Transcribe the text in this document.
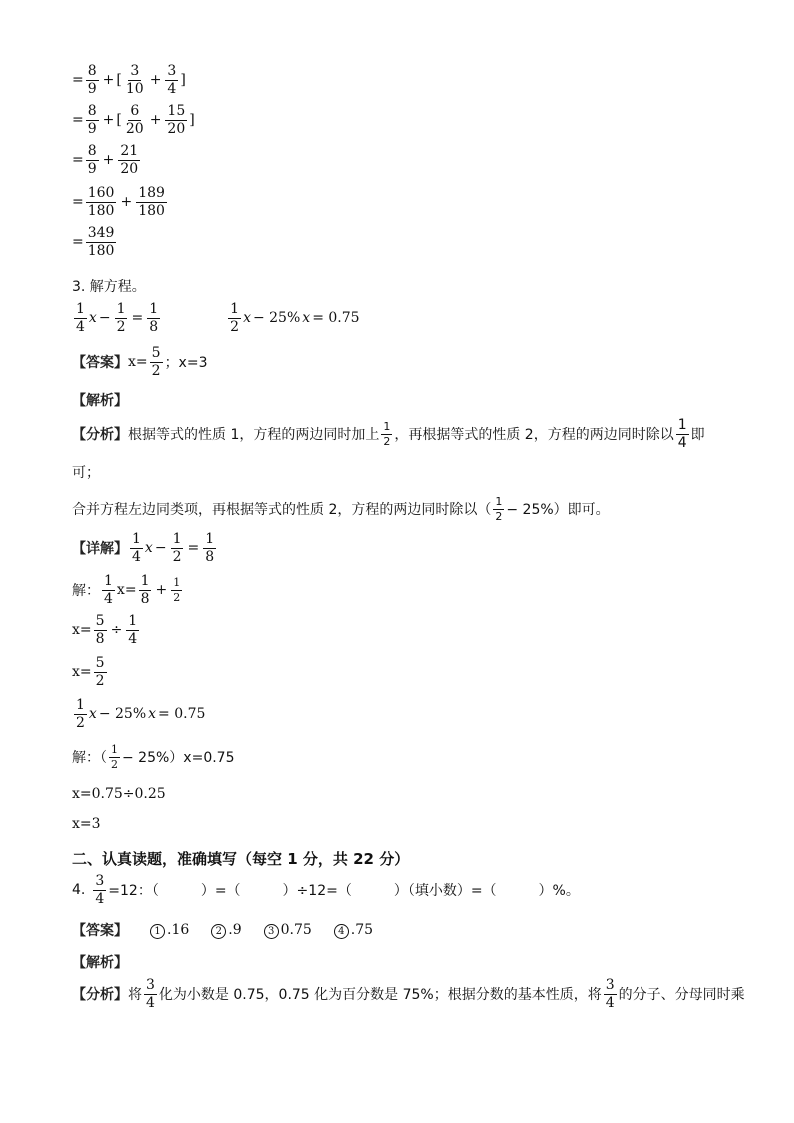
= $\frac{8}{9}$ + [ $\frac{3}{10} + \frac{3}{4}$ ]
= $\frac{8}{9}$ + [ $\frac{6}{20} + \frac{15}{20}$ ]
= $\frac{8}{9} + \frac{21}{20}$
= $\frac{160}{180} + \frac{189}{180}$
= $\frac{349}{180}$
3. 解方程。
$\frac{1}{4}$ $x - \frac{1}{2} = \frac{1}{8}$	$\frac{1}{2}$ x − 25% x = 0.75
【答案】 $x= \frac{5}{2}$ ；x=3
【解析】
【分析】 根据等式的性质 1，方程的两边同时加上 $\frac{1}{2}$ ，再根据等式的性质 2，方程的两边同时除以 $\frac{1}{4}$ 即
可；
合并方程左边同类项，再根据等式的性质 2，方程的两边同时除以（ $\frac{1}{2} - 25\%$）即可。
【详解】 $\frac{1}{4}$ $x - \frac{1}{2} = \frac{1}{8}$
解： $\frac{1}{4} x= \frac{1}{8} + \frac{1}{2}$
$x= \frac{5}{8} \div \frac{1}{4}$
$x= \frac{5}{2}$
$\frac{1}{2}$ x − 25% x = 0.75
解：（ $\frac{1}{2} - 25\%)x=0.75$
x=0.75÷0.25
x=3
二、认真读题，准确填写（每空 1 分，共 22 分）
4. $\frac{3}{4} =12$：（　　　）=（　　　）÷12=（　　　）（填小数）=（　　　）%。
【答案】	1 .16	2 .9	3 0.75	4 .75
【解析】
【分析】 将 $\frac{3}{4}$ 化为小数是 0.75，0.75 化为百分数是 75%；根据分数的基本性质，将 $\frac{3}{4}$ 的分子、分母同时乘
